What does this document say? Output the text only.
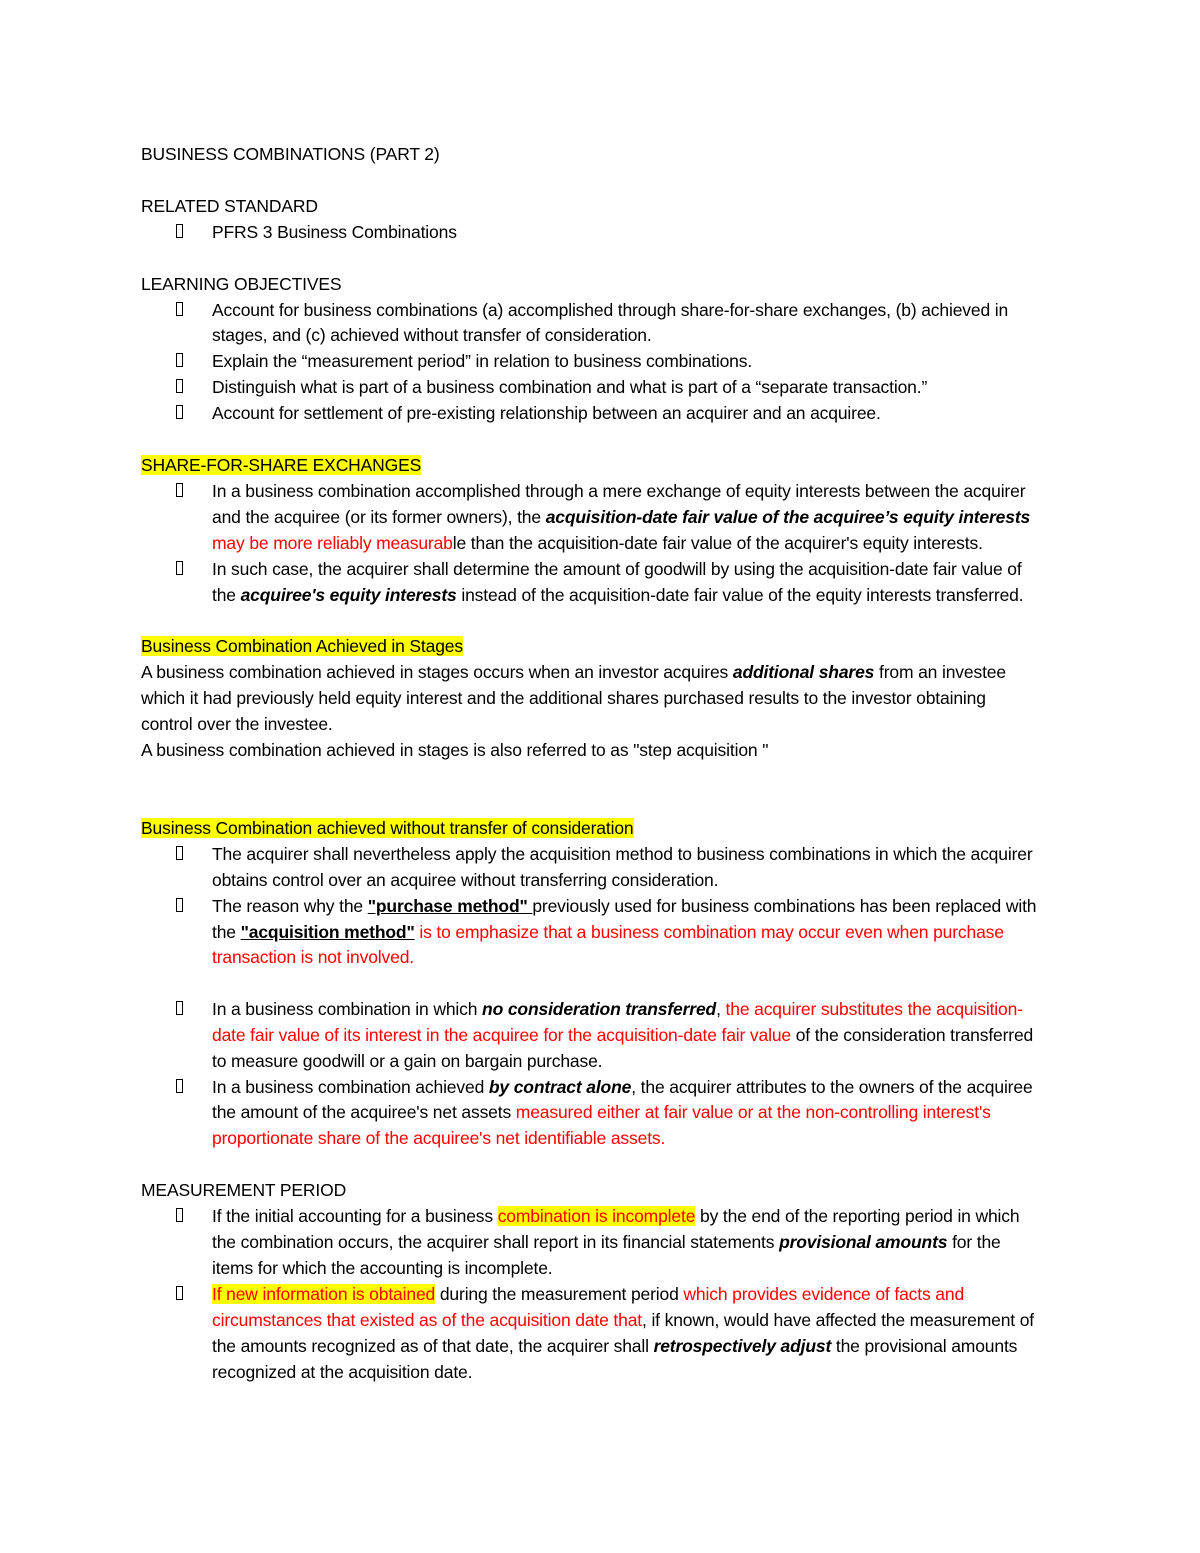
BUSINESS COMBINATIONS (PART 2)
RELATED STANDARD
PFRS 3 Business Combinations
LEARNING OBJECTIVES
Account for business combinations (a) accomplished through share-for-share exchanges, (b) achieved in
stages, and (c) achieved without transfer of consideration.
Explain the “measurement period” in relation to business combinations.
Distinguish what is part of a business combination and what is part of a “separate transaction.”
Account for settlement of pre-existing relationship between an acquirer and an acquiree.
SHARE-FOR-SHARE EXCHANGES
In a business combination accomplished through a mere exchange of equity interests between the acquirer
and the acquiree (or its former owners), the acquisition-date fair value of the acquiree’s equity interests
may be more reliably measurable than the acquisition-date fair value of the acquirer's equity interests.
In such case, the acquirer shall determine the amount of goodwill by using the acquisition-date fair value of
the acquiree's equity interests instead of the acquisition-date fair value of the equity interests transferred.
Business Combination Achieved in Stages
A business combination achieved in stages occurs when an investor acquires additional shares from an investee
which it had previously held equity interest and the additional shares purchased results to the investor obtaining
control over the investee.
A business combination achieved in stages is also referred to as "step acquisition "
Business Combination achieved without transfer of consideration
The acquirer shall nevertheless apply the acquisition method to business combinations in which the acquirer
obtains control over an acquiree without transferring consideration.
The reason why the "purchase method" previously used for business combinations has been replaced with
the "acquisition method" is to emphasize that a business combination may occur even when purchase
transaction is not involved.
In a business combination in which no consideration transferred, the acquirer substitutes the acquisition-
date fair value of its interest in the acquiree for the acquisition-date fair value of the consideration transferred
to measure goodwill or a gain on bargain purchase.
In a business combination achieved by contract alone, the acquirer attributes to the owners of the acquiree
the amount of the acquiree's net assets measured either at fair value or at the non-controlling interest's
proportionate share of the acquiree's net identifiable assets.
MEASUREMENT PERIOD
If the initial accounting for a business combination is incomplete by the end of the reporting period in which
the combination occurs, the acquirer shall report in its financial statements provisional amounts for the
items for which the accounting is incomplete.
If new information is obtained during the measurement period which provides evidence of facts and
circumstances that existed as of the acquisition date that, if known, would have affected the measurement of
the amounts recognized as of that date, the acquirer shall retrospectively adjust the provisional amounts
recognized at the acquisition date.
